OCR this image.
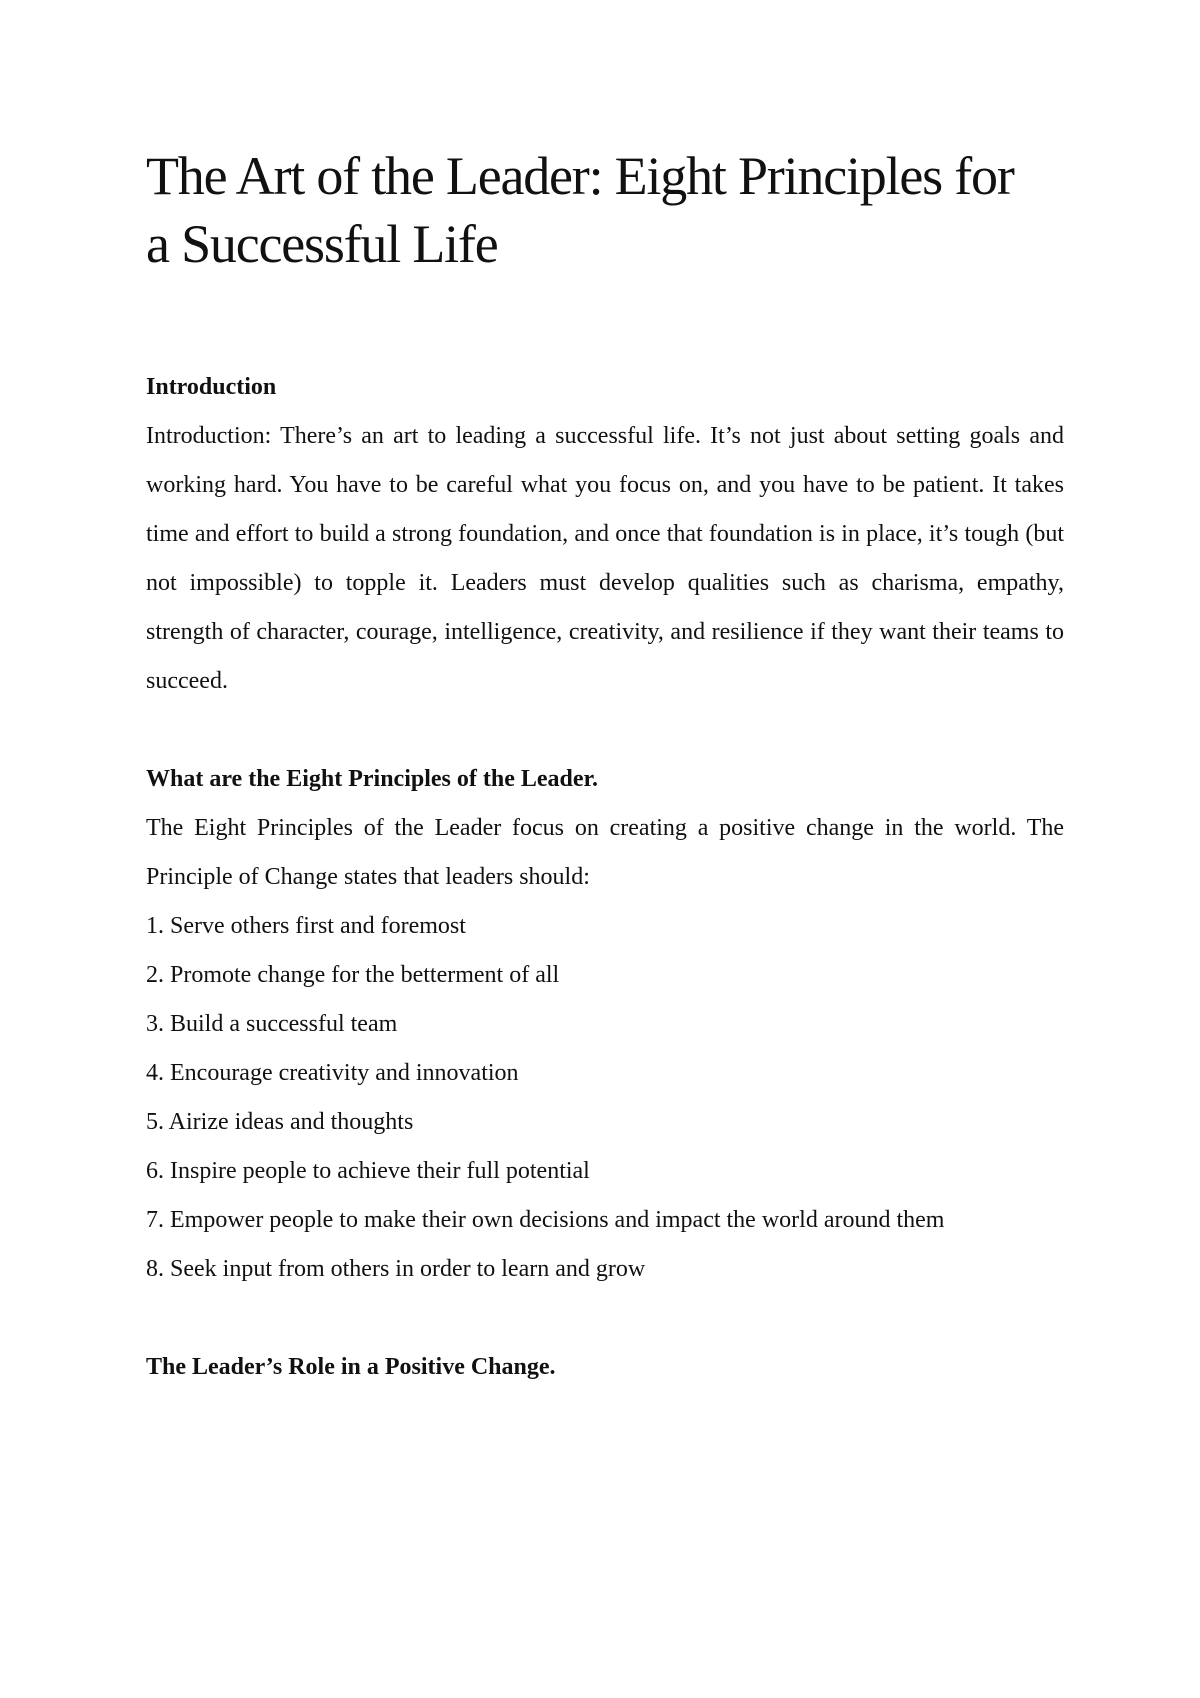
The Art of the Leader: Eight Principles for a Successful Life
Introduction

Introduction: There’s an art to leading a successful life. It’s not just about setting goals and working hard. You have to be careful what you focus on, and you have to be patient. It takes time and effort to build a strong foundation, and once that foundation is in place, it’s tough (but not impossible) to topple it. Leaders must develop qualities such as charisma, empathy, strength of character, courage, intelligence, creativity, and resilience if they want their teams to succeed.

What are the Eight Principles of the Leader.

The Eight Principles of the Leader focus on creating a positive change in the world. The Principle of Change states that leaders should:

1. Serve others first and foremost
2. Promote change for the betterment of all
3. Build a successful team
4. Encourage creativity and innovation
5. Airize ideas and thoughts
6. Inspire people to achieve their full potential
7. Empower people to make their own decisions and impact the world around them
8. Seek input from others in order to learn and grow
The Leader’s Role in a Positive Change.
